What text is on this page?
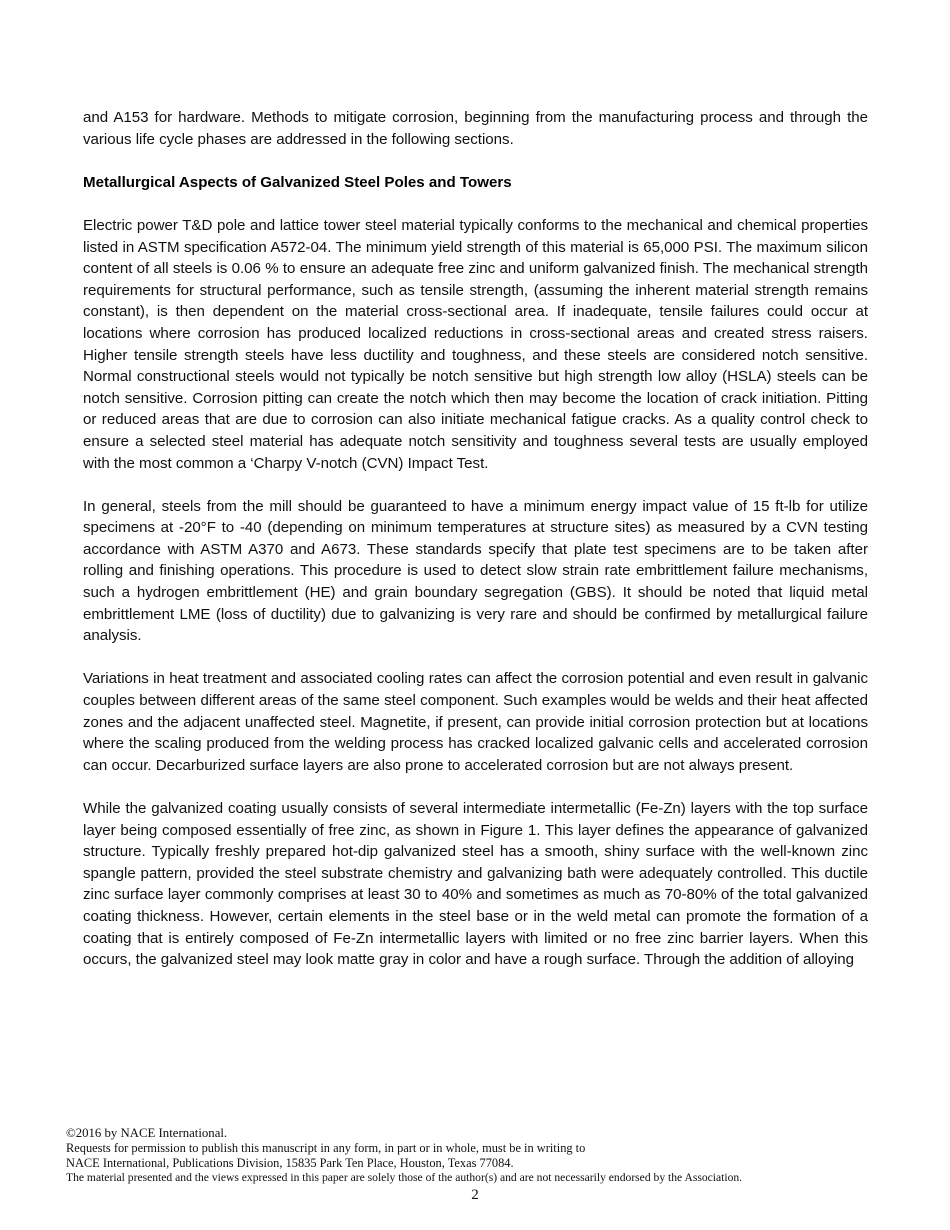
and A153 for hardware. Methods to mitigate corrosion, beginning from the manufacturing process and through the various life cycle phases are addressed in the following sections.

Metallurgical Aspects of Galvanized Steel Poles and Towers

Electric power T&D pole and lattice tower steel material typically conforms to the mechanical and chemical properties listed in ASTM specification A572-04. The minimum yield strength of this material is 65,000 PSI. The maximum silicon content of all steels is 0.06 % to ensure an adequate free zinc and uniform galvanized finish. The mechanical strength requirements for structural performance, such as tensile strength, (assuming the inherent material strength remains constant), is then dependent on the material cross-sectional area. If inadequate, tensile failures could occur at locations where corrosion has produced localized reductions in cross-sectional areas and created stress raisers. Higher tensile strength steels have less ductility and toughness, and these steels are considered notch sensitive. Normal constructional steels would not typically be notch sensitive but high strength low alloy (HSLA) steels can be notch sensitive. Corrosion pitting can create the notch which then may become the location of crack initiation. Pitting or reduced areas that are due to corrosion can also initiate mechanical fatigue cracks. As a quality control check to ensure a selected steel material has adequate notch sensitivity and toughness several tests are usually employed with the most common a ‘Charpy V-notch (CVN) Impact Test.

In general, steels from the mill should be guaranteed to have a minimum energy impact value of 15 ft-lb for utilize specimens at -20°F to -40 (depending on minimum temperatures at structure sites) as measured by a CVN testing accordance with ASTM A370 and A673. These standards specify that plate test specimens are to be taken after rolling and finishing operations. This procedure is used to detect slow strain rate embrittlement failure mechanisms, such a hydrogen embrittlement (HE) and grain boundary segregation (GBS). It should be noted that liquid metal embrittlement LME (loss of ductility) due to galvanizing is very rare and should be confirmed by metallurgical failure analysis.

Variations in heat treatment and associated cooling rates can affect the corrosion potential and even result in galvanic couples between different areas of the same steel component. Such examples would be welds and their heat affected zones and the adjacent unaffected steel. Magnetite, if present, can provide initial corrosion protection but at locations where the scaling produced from the welding process has cracked localized galvanic cells and accelerated corrosion can occur. Decarburized surface layers are also prone to accelerated corrosion but are not always present.

While the galvanized coating usually consists of several intermediate intermetallic (Fe-Zn) layers with the top surface layer being composed essentially of free zinc, as shown in Figure 1. This layer defines the appearance of galvanized structure. Typically freshly prepared hot-dip galvanized steel has a smooth, shiny surface with the well-known zinc spangle pattern, provided the steel substrate chemistry and galvanizing bath were adequately controlled. This ductile zinc surface layer commonly comprises at least 30 to 40% and sometimes as much as 70-80% of the total galvanized coating thickness. However, certain elements in the steel base or in the weld metal can promote the formation of a coating that is entirely composed of Fe-Zn intermetallic layers with limited or no free zinc barrier layers. When this occurs, the galvanized steel may look matte gray in color and have a rough surface. Through the addition of alloying

©2016 by NACE International.
Requests for permission to publish this manuscript in any form, in part or in whole, must be in writing to
NACE International, Publications Division, 15835 Park Ten Place, Houston, Texas 77084.
The material presented and the views expressed in this paper are solely those of the author(s) and are not necessarily endorsed by the Association.
2
